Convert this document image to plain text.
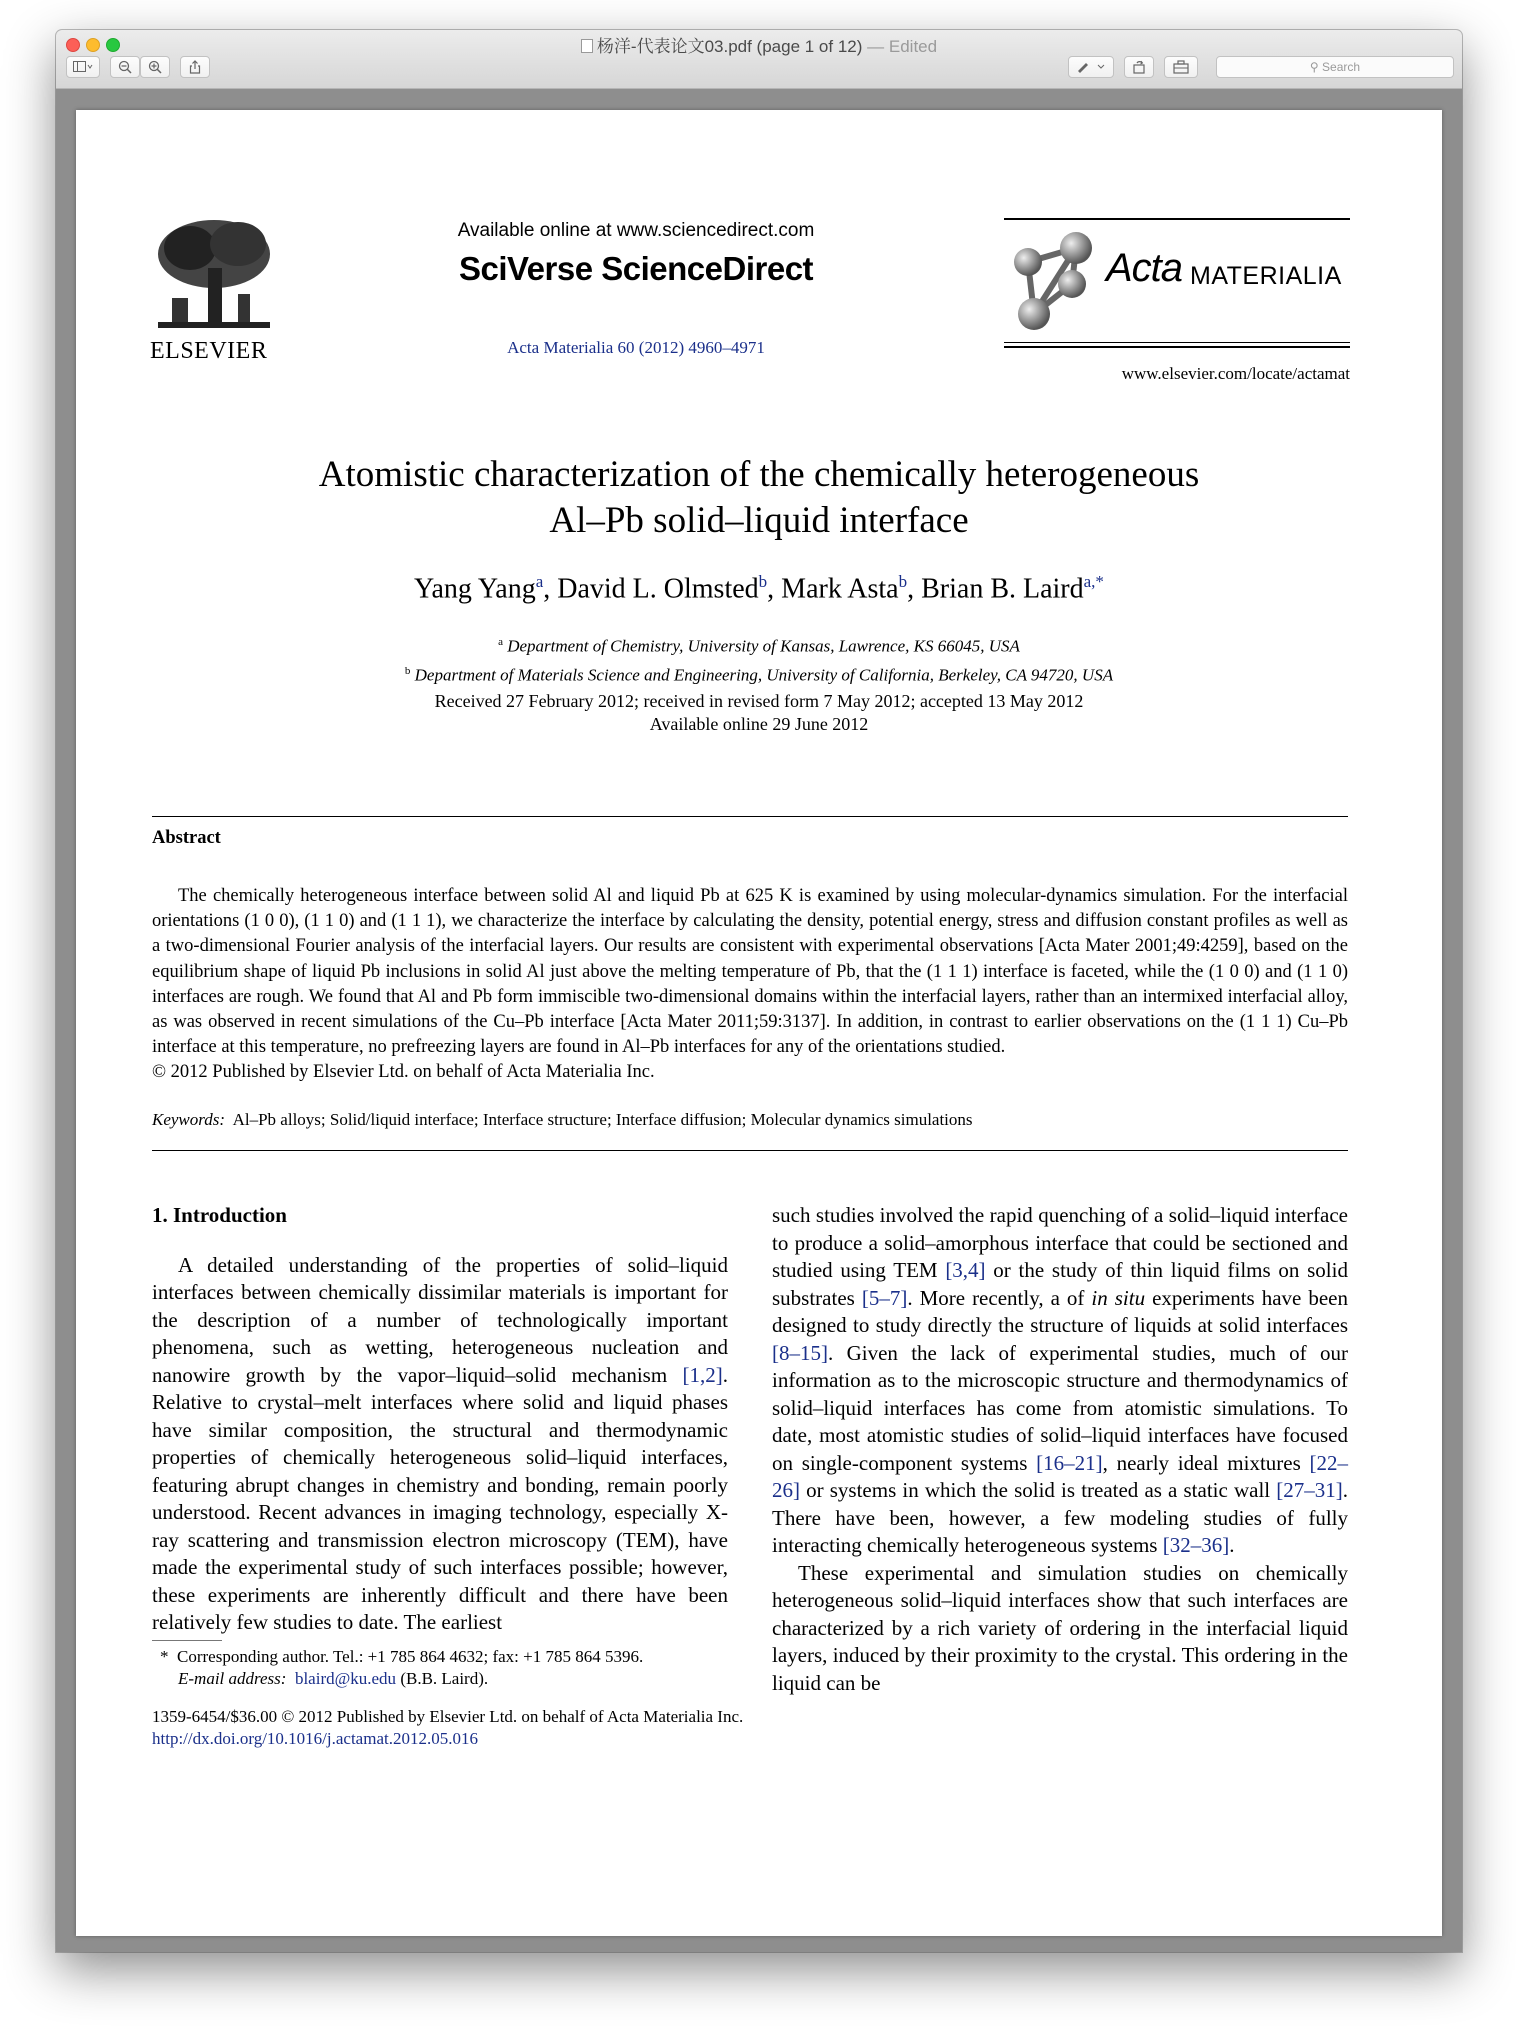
杨洋-代表论文03.pdf (page 1 of 12) — Edited
⚲ Search
ELSEVIER
Available online at www.sciencedirect.com
SciVerse ScienceDirect
Acta Materialia 60 (2012) 4960–4971
Acta MATERIALIA
www.elsevier.com/locate/actamat
Atomistic characterization of the chemically heterogeneous
Al–Pb solid–liquid interface
Yang Yang$^a$, David L. Olmsted$^b$, Mark Asta$^b$, Brian B. Laird$^{a,*}$
$^a$ Department of Chemistry, University of Kansas, Lawrence, KS 66045, USA
$^b$ Department of Materials Science and Engineering, University of California, Berkeley, CA 94720, USA
Received 27 February 2012; received in revised form 7 May 2012; accepted 13 May 2012
Available online 29 June 2012
Abstract

The chemically heterogeneous interface between solid Al and liquid Pb at 625 K is examined by using molecular-dynamics simulation. For the interfacial orientations (1 0 0), (1 1 0) and (1 1 1), we characterize the interface by calculating the density, potential energy, stress and diffusion constant profiles as well as a two-dimensional Fourier analysis of the interfacial layers. Our results are consistent with experimental observations [Acta Mater 2001;49:4259], based on the equilibrium shape of liquid Pb inclusions in solid Al just above the melting temperature of Pb, that the (1 1 1) interface is faceted, while the (1 0 0) and (1 1 0) interfaces are rough. We found that Al and Pb form immiscible two-dimensional domains within the interfacial layers, rather than an intermixed interfacial alloy, as was observed in recent simulations of the Cu–Pb interface [Acta Mater 2011;59:3137]. In addition, in contrast to earlier observations on the (1 1 1) Cu–Pb interface at this temperature, no prefreezing layers are found in Al–Pb interfaces for any of the orientations studied.

© 2012 Published by Elsevier Ltd. on behalf of Acta Materialia Inc.
Keywords: Al–Pb alloys; Solid/liquid interface; Interface structure; Interface diffusion; Molecular dynamics simulations
1. Introduction

A detailed understanding of the properties of solid–liquid interfaces between chemically dissimilar materials is important for the description of a number of technologically important phenomena, such as wetting, heterogeneous nucleation and nanowire growth by the vapor–liquid–solid mechanism [1,2]. Relative to crystal–melt interfaces where solid and liquid phases have similar composition, the structural and thermodynamic properties of chemically heterogeneous solid–liquid interfaces, featuring abrupt changes in chemistry and bonding, remain poorly understood. Recent advances in imaging technology, especially X-ray scattering and transmission electron microscopy (TEM), have made the experimental study of such interfaces possible; however, these experiments are inherently difficult and there have been relatively few studies to date. The earliest

such studies involved the rapid quenching of a solid–liquid interface to produce a solid–amorphous interface that could be sectioned and studied using TEM [3,4] or the study of thin liquid films on solid substrates [5–7]. More recently, a of in situ experiments have been designed to study directly the structure of liquids at solid interfaces [8–15]. Given the lack of experimental studies, much of our information as to the microscopic structure and thermodynamics of solid–liquid interfaces has come from atomistic simulations. To date, most atomistic studies of solid–liquid interfaces have focused on single-component systems [16–21], nearly ideal mixtures [22–26] or systems in which the solid is treated as a static wall [27–31]. There have been, however, a few modeling studies of fully interacting chemically heterogeneous systems [32–36].

These experimental and simulation studies on chemically heterogeneous solid–liquid interfaces show that such interfaces are characterized by a rich variety of ordering in the interfacial liquid layers, induced by their proximity to the crystal. This ordering in the liquid can be

* Corresponding author. Tel.: +1 785 864 4632; fax: +1 785 864 5396.
E-mail address: blaird@ku.edu (B.B. Laird).
1359-6454/$36.00 © 2012 Published by Elsevier Ltd. on behalf of Acta Materialia Inc.
http://dx.doi.org/10.1016/j.actamat.2012.05.016
